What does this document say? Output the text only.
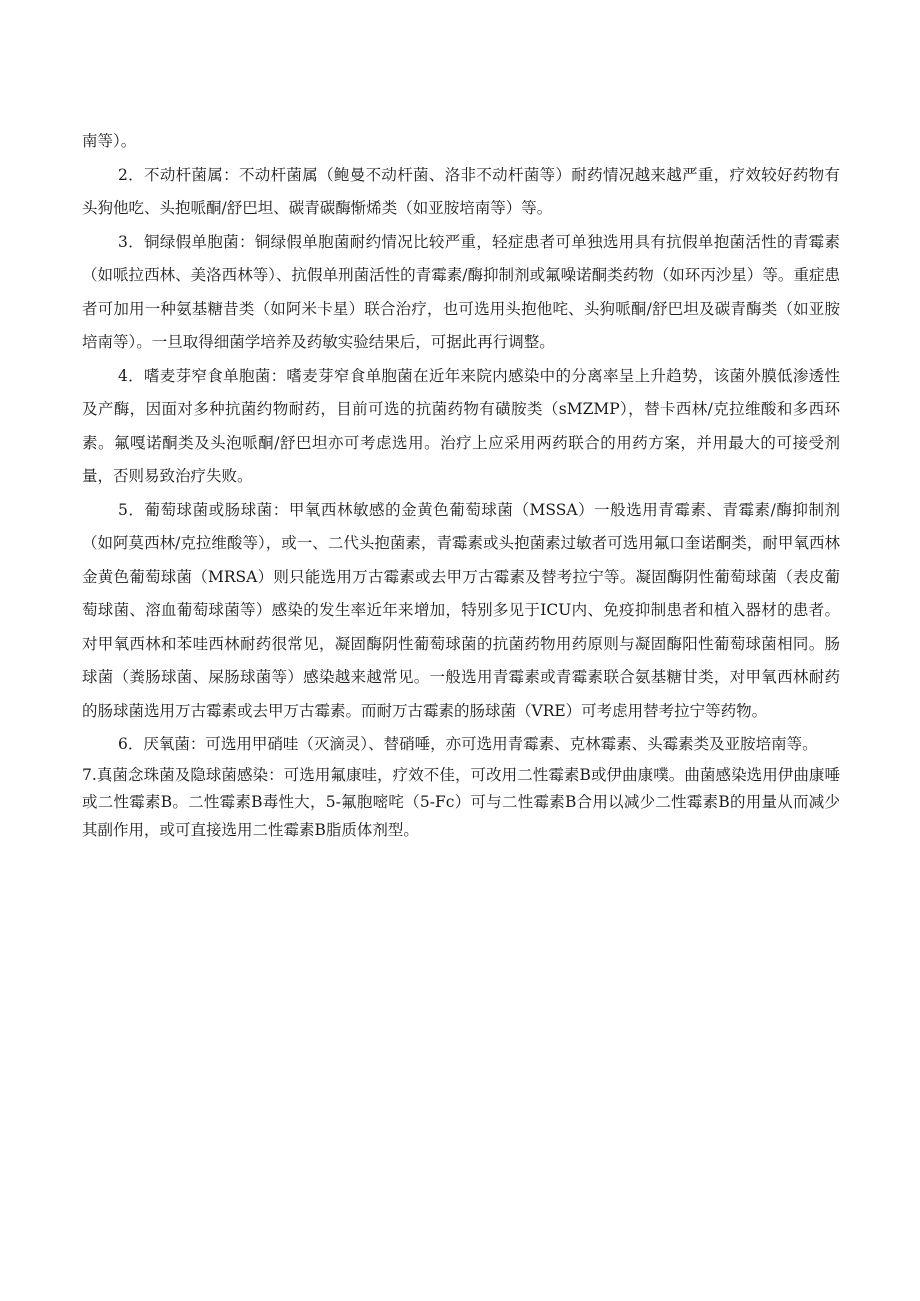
南等）。

2．不动杆菌属：不动杆菌属（鲍曼不动杆菌、洛非不动杆菌等）耐药情况越来越严重，疗效较好药物有头狗他吃、头抱哌酮/舒巴坦、碳青碳酶惭烯类（如亚胺培南等）等。

3．铜绿假单胞菌：铜绿假单胞菌耐约情况比较严重，轻症患者可单独选用具有抗假单抱菌活性的青霉素（如哌拉西林、美洛西林等）、抗假单刑菌活性的青霉素/酶抑制剂或氟噪诺酮类药物（如环丙沙星）等。重症患者可加用一种氨基糖昔类（如阿米卡星）联合治疗，也可选用头抱他咤、头狗哌酮/舒巴坦及碳青酶类（如亚胺培南等）。一旦取得细菌学培养及药敏实验结果后，可据此再行调整。

4．嗜麦芽窄食单胞菌：嗜麦芽窄食单胞菌在近年来院内感染中的分离率呈上升趋势，该菌外膜低渗透性及产酶，因面对多种抗菌约物耐药，目前可选的抗菌药物有磺胺类（sMZMP），替卡西林/克拉维酸和多西环素。氟嘎诺酮类及头泡哌酮/舒巴坦亦可考虑选用。治疗上应采用两药联合的用药方案，并用最大的可接受剂量，否则易致治疗失败。

5．葡萄球菌或肠球菌：甲氧西林敏感的金黄色葡萄球菌（MSSA）一般选用青霉素、青霉素/酶抑制剂（如阿莫西林/克拉维酸等），或一、二代头抱菌素，青霉素或头抱菌素过敏者可选用氟口奎诺酮类，耐甲氧西林金黄色葡萄球菌（MRSA）则只能选用万古霉素或去甲万古霉素及替考拉宁等。凝固酶阴性葡萄球菌（表皮葡萄球菌、溶血葡萄球菌等）感染的发生率近年来增加，特别多见于ICU内、免疫抑制患者和植入器材的患者。对甲氧西林和苯哇西林耐药很常见，凝固酶阴性葡萄球菌的抗菌药物用药原则与凝固酶阳性葡萄球菌相同。肠球菌（粪肠球菌、屎肠球菌等）感染越来越常见。一般选用青霉素或青霉素联合氨基糖甘类，对甲氧西林耐药的肠球菌选用万古霉素或去甲万古霉素。而耐万古霉素的肠球菌（VRE）可考虑用替考拉宁等药物。

6．厌氧菌：可选用甲硝哇（灭滴灵）、替硝唾，亦可选用青霉素、克林霉素、头霉素类及亚胺培南等。

7.真菌念珠菌及隐球菌感染：可选用氟康哇，疗效不佳，可改用二性霉素B或伊曲康噗。曲菌感染选用伊曲康唾或二性霉素B。二性霉素B毒性大，5-氟胞嘧咤（5-Fc）可与二性霉素B合用以减少二性霉素B的用量从而减少其副作用，或可直接选用二性霉素B脂质体剂型。
